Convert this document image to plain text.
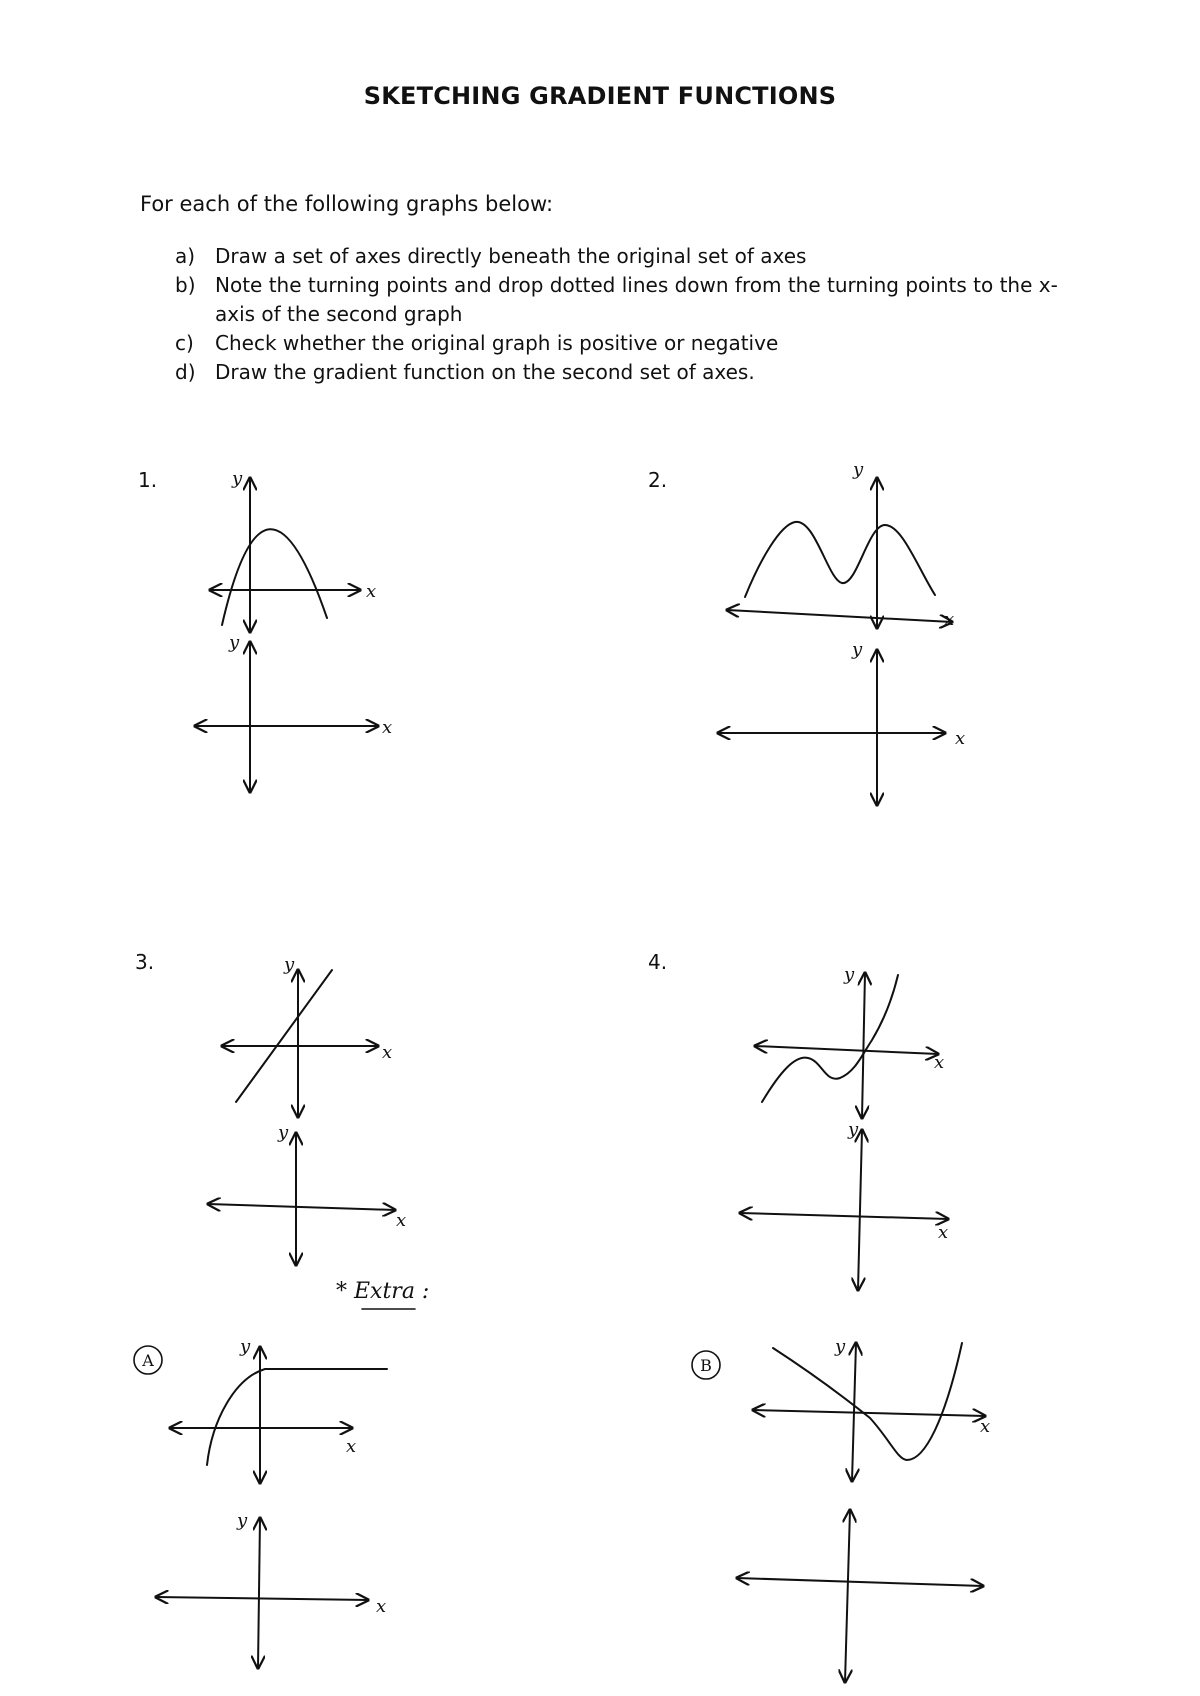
SKETCHING GRADIENT FUNCTIONS
For each of the following graphs below:
a) Draw a set of axes directly beneath the original set of axes
b) Note the turning points and drop dotted lines down from the turning points to the x-axis of the second graph
c)	Check whether the original graph is positive or negative
d) Draw the gradient function on the second set of axes.
1.	2.
3.	4.
y
x
y
x
y
x
y
x
y
x
y
x
y
x
y
x
y
x
y
x
y
x
A	B
* Extra :
